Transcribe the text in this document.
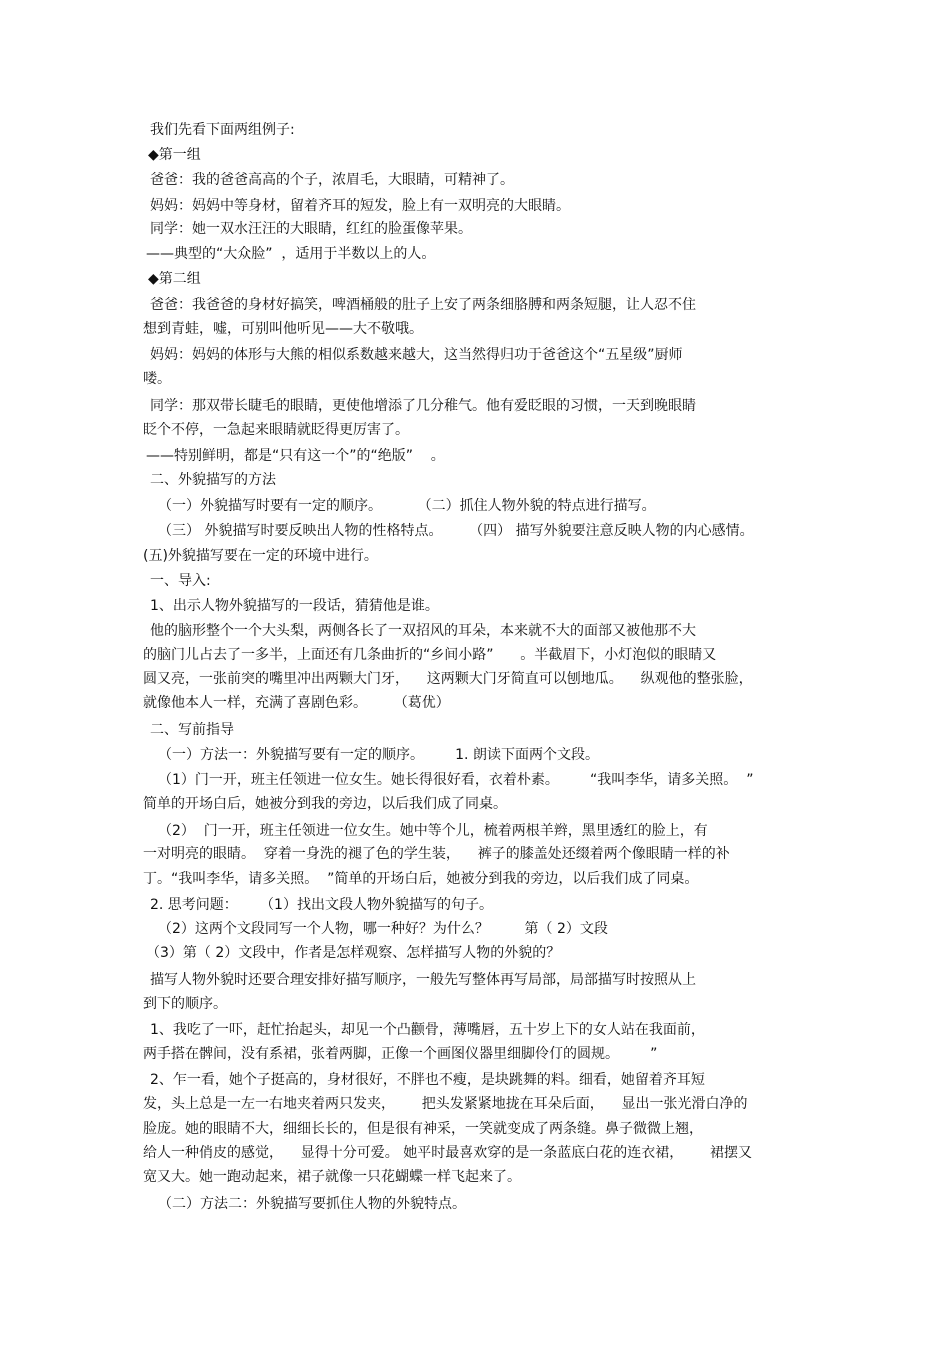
我们先看下面两组例子:

◆第一组

爸爸：我的爸爸高高的个子，浓眉毛，大眼睛，可精神了。

妈妈：妈妈中等身材，留着齐耳的短发，脸上有一双明亮的大眼睛。

同学：她一双水汪汪的大眼睛，红红的脸蛋像苹果。

——典型的“大众脸”  ，适用于半数以上的人。

◆第二组

爸爸：我爸爸的身材好搞笑，啤酒桶般的肚子上安了两条细胳膊和两条短腿，让人忍不住

想到青蛙，嘘，可别叫他听见——大不敬哦。

妈妈：妈妈的体形与大熊的相似系数越来越大，这当然得归功于爸爸这个“五星级”厨师

喽。

同学：那双带长睫毛的眼睛，更使他增添了几分稚气。他有爱眨眼的习惯，一天到晚眼睛

眨个不停，一急起来眼睛就眨得更厉害了。

——特别鲜明，都是“只有这一个”的“绝版”    。

二、外貌描写的方法

（一）外貌描写时要有一定的顺序。        （二）抓住人物外貌的特点进行描写。

（三） 外貌描写时要反映出人物的性格特点。      （四） 描写外貌要注意反映人物的内心感情。

(五)外貌描写要在一定的环境中进行。

一、导入:

1、出示人物外貌描写的一段话，猜猜他是谁。

他的脑形整个一个大头梨，两侧各长了一双招风的耳朵，本来就不大的面部又被他那不大

的脑门儿占去了一多半，上面还有几条曲折的“乡间小路”      。半截眉下，小灯泡似的眼睛又

圆又亮，一张前突的嘴里冲出两颗大门牙，    这两颗大门牙简直可以刨地瓜。    纵观他的整张脸，

就像他本人一样，充满了喜剧色彩。      （葛优）

二、写前指导

（一）方法一：外貌描写要有一定的顺序。       1. 朗读下面两个文段。

（1）门一开，班主任领进一位女生。她长得很好看，衣着朴素。       “我叫李华，请多关照。  ”

简单的开场白后，她被分到我的旁边，以后我们成了同桌。

（2）  门一开，班主任领进一位女生。她中等个儿，梳着两根羊辫，黑里透红的脸上，有

一对明亮的眼睛。  穿着一身洗的褪了色的学生装，    裤子的膝盖处还缀着两个像眼睛一样的补

丁。“我叫李华，请多关照。  ”简单的开场白后，她被分到我的旁边，以后我们成了同桌。

2. 思考问题：     （1）找出文段人物外貌描写的句子。

（2）这两个文段同写一个人物，哪一种好？为什么？        第（ 2）文段

（3）第（ 2）文段中，作者是怎样观察、怎样描写人物的外貌的？

描写人物外貌时还要合理安排好描写顺序，一般先写整体再写局部，局部描写时按照从上

到下的顺序。

1、我吃了一吓，赶忙抬起头，却见一个凸颧骨，薄嘴唇，五十岁上下的女人站在我面前，

两手搭在髀间，没有系裙，张着两脚，正像一个画图仪器里细脚伶仃的圆规。       ”

2、乍一看，她个子挺高的，身材很好，不胖也不瘦，是块跳舞的料。细看，她留着齐耳短

发，头上总是一左一右地夹着两只发夹，      把头发紧紧地拢在耳朵后面，    显出一张光滑白净的

脸庞。她的眼睛不大，细细长长的，但是很有神采，一笑就变成了两条缝。鼻子微微上翘，

给人一种俏皮的感觉，    显得十分可爱。 她平时最喜欢穿的是一条蓝底白花的连衣裙，      裙摆又

宽又大。她一跑动起来，裙子就像一只花蝴蝶一样飞起来了。

（二）方法二：外貌描写要抓住人物的外貌特点。
